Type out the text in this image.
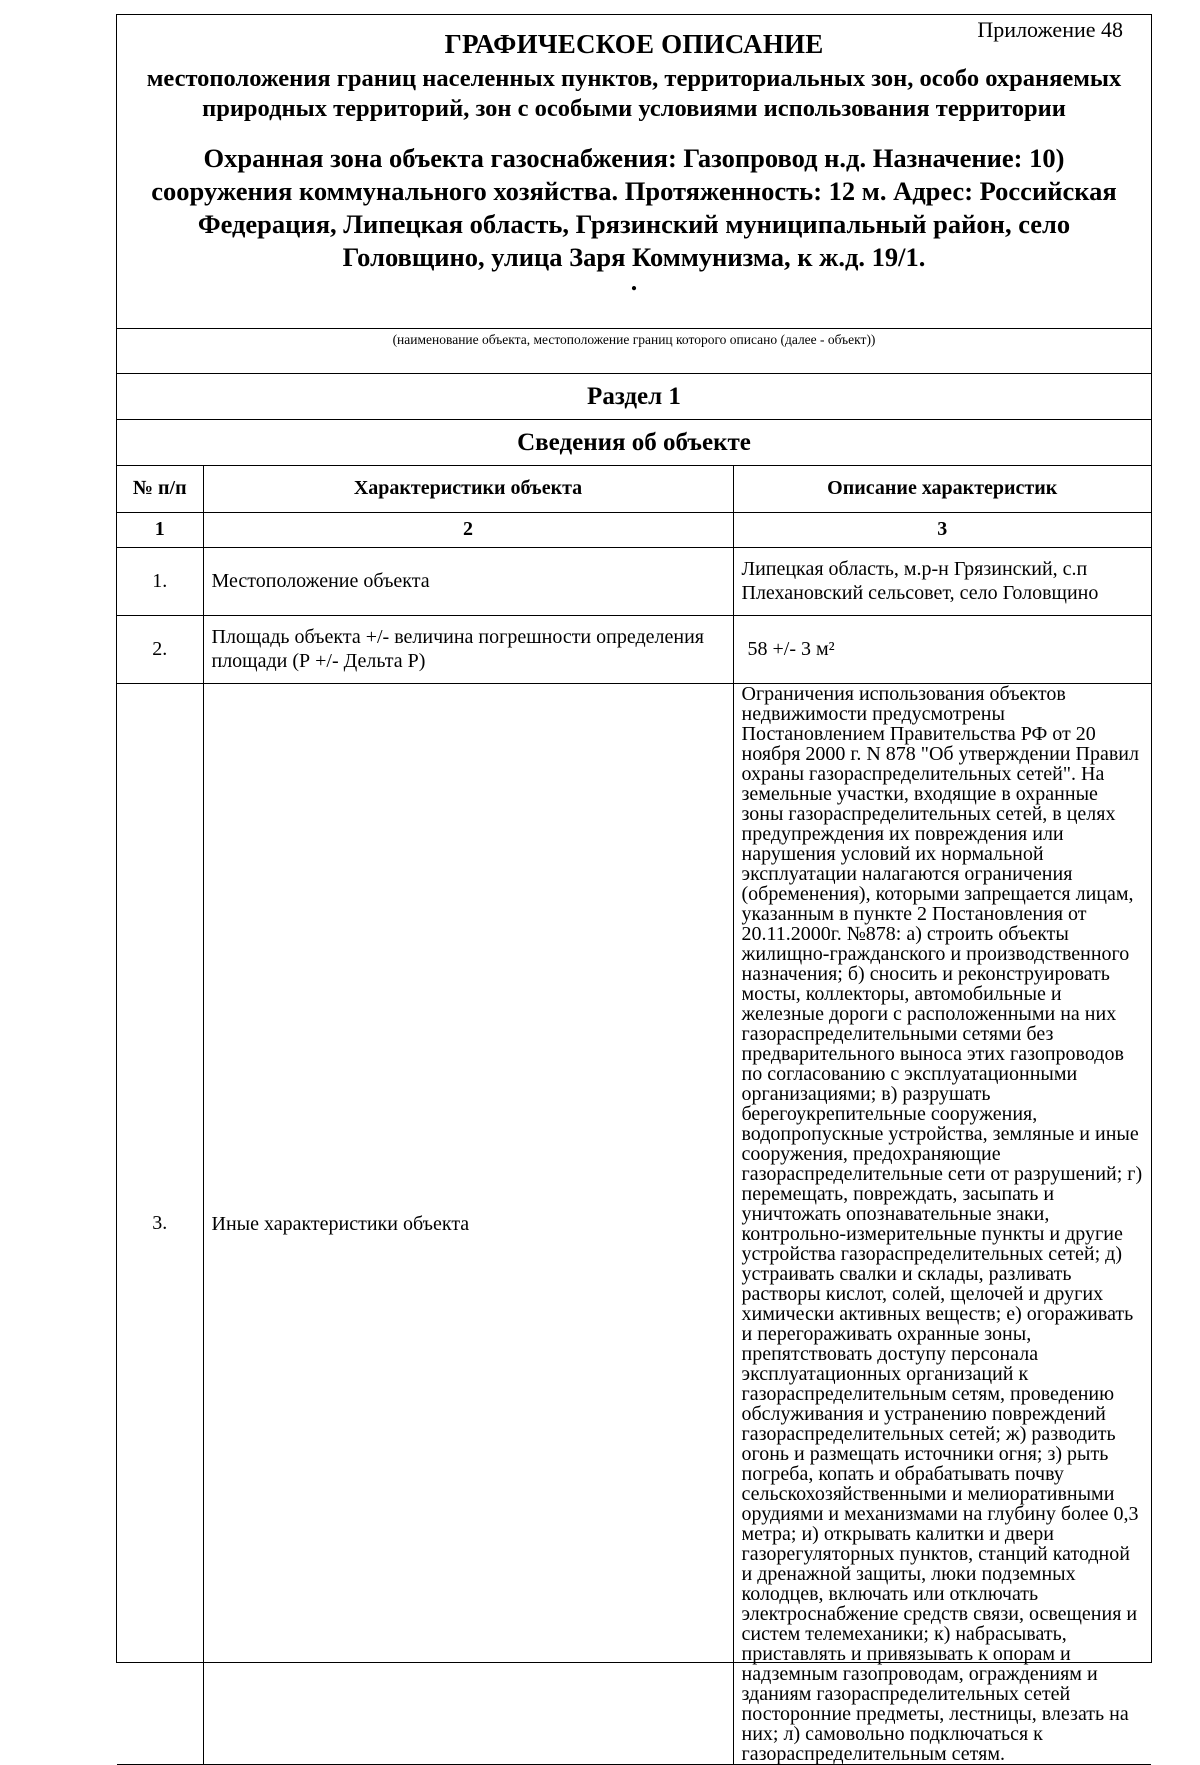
Приложение 48
ГРАФИЧЕСКОЕ ОПИСАНИЕ
местоположения границ населенных пунктов, территориальных зон, особо охраняемых природных территорий, зон с особыми условиями использования территории
Охранная зона объекта газоснабжения: Газопровод н.д. Назначение: 10) сооружения коммунального хозяйства. Протяженность: 12 м. Адрес: Российская Федерация, Липецкая область, Грязинский муниципальный район, село Головщино, улица Заря Коммунизма, к ж.д. 19/1.
.
(наименование объекта, местоположение границ которого описано (далее - объект))
Раздел 1
Сведения об объекте
№ п/п	Характеристики объекта	Описание характеристик
1	2	3
1.	Местоположение объекта	Липецкая область, м.р-н Грязинский, с.п Плехановский сельсовет, село Головщино
2.	Площадь объекта +/- величина погрешности определения площади (Р +/- Дельта Р)	58 +/- 3 м²
3.	Иные характеристики объекта	Ограничения использования объектов недвижимости предусмотрены Постановлением Правительства РФ от 20 ноября 2000 г. N 878 "Об утверждении Правил охраны газораспределительных сетей". На земельные участки, входящие в охранные зоны газораспределительных сетей, в целях предупреждения их повреждения или нарушения условий их нормальной эксплуатации налагаются ограничения (обременения), которыми запрещается лицам, указанным в пункте 2 Постановления от 20.11.2000г. №878: а) строить объекты жилищно-гражданского и производственного назначения; б) сносить и реконструировать мосты, коллекторы, автомобильные и железные дороги с расположенными на них газораспределительными сетями без предварительного выноса этих газопроводов по согласованию с эксплуатационными организациями; в) разрушать берегоукрепительные сооружения, водопропускные устройства, земляные и иные сооружения, предохраняющие газораспределительные сети от разрушений; г) перемещать, повреждать, засыпать и уничтожать опознавательные знаки, контрольно-измерительные пункты и другие устройства газораспределительных сетей; д) устраивать свалки и склады, разливать растворы кислот, солей, щелочей и других химически активных веществ; е) огораживать и перегораживать охранные зоны, препятствовать доступу персонала эксплуатационных организаций к газораспределительным сетям, проведению обслуживания и устранению повреждений газораспределительных сетей; ж) разводить огонь и размещать источники огня; з) рыть погреба, копать и обрабатывать почву сельскохозяйственными и мелиоративными орудиями и механизмами на глубину более 0,3 метра; и) открывать калитки и двери газорегуляторных пунктов, станций катодной и дренажной защиты, люки подземных колодцев, включать или отключать электроснабжение средств связи, освещения и систем телемеханики; к) набрасывать, приставлять и привязывать к опорам и надземным газопроводам, ограждениям и зданиям газораспределительных сетей посторонние предметы, лестницы, влезать на них; л) самовольно подключаться к газораспределительным сетям.
